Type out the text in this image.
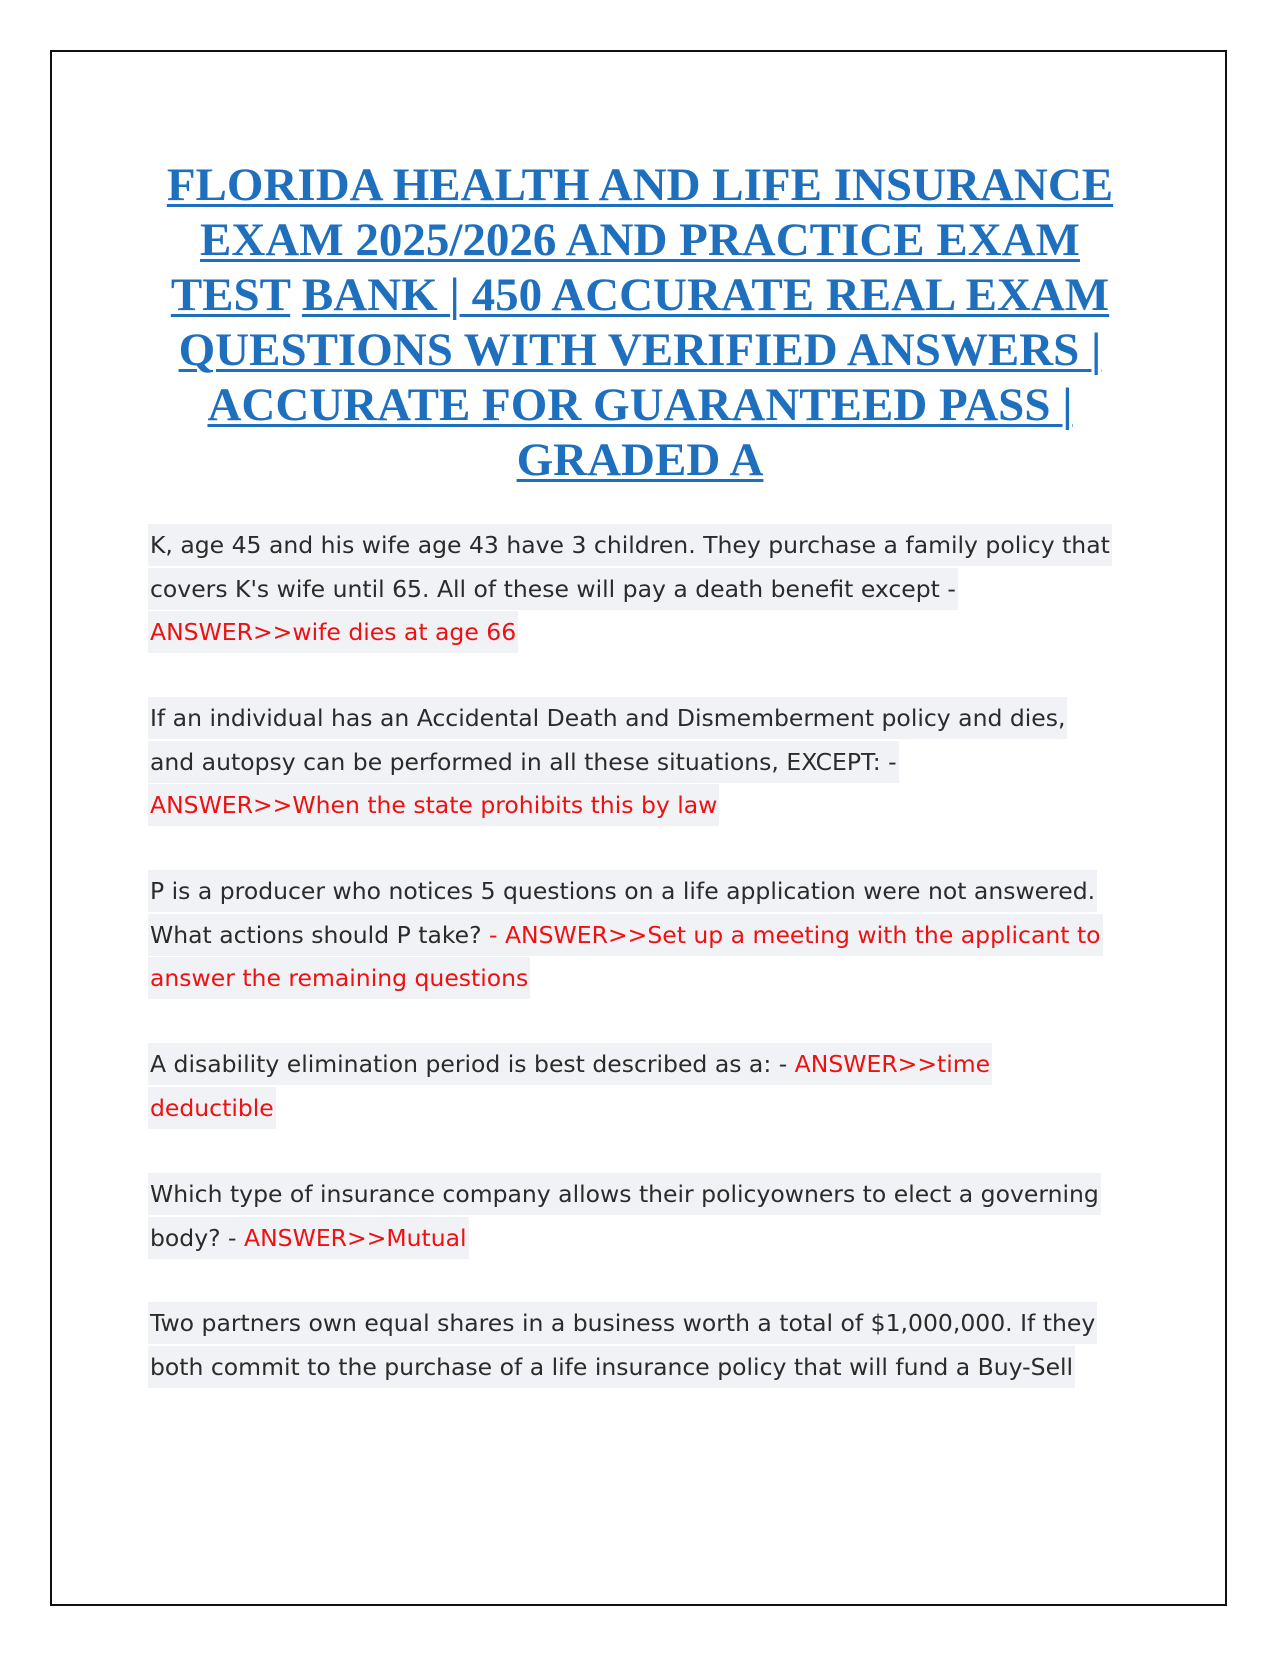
FLORIDA HEALTH AND LIFE INSURANCE
EXAM 2025/2026 AND PRACTICE EXAM
TEST BANK | 450 ACCURATE REAL EXAM
QUESTIONS WITH VERIFIED ANSWERS |
ACCURATE FOR GUARANTEED PASS |
GRADED A
K, age 45 and his wife age 43 have 3 children. They purchase a family policy that
covers K's wife until 65. All of these will pay a death benefit except -
ANSWER>>wife dies at age 66
If an individual has an Accidental Death and Dismemberment policy and dies,
and autopsy can be performed in all these situations, EXCEPT: -
ANSWER>>When the state prohibits this by law
P is a producer who notices 5 questions on a life application were not answered.
What actions should P take? - ANSWER>>Set up a meeting with the applicant to
answer the remaining questions
A disability elimination period is best described as a: - ANSWER>>time
deductible
Which type of insurance company allows their policyowners to elect a governing
body? - ANSWER>>Mutual
Two partners own equal shares in a business worth a total of $1,000,000. If they
both commit to the purchase of a life insurance policy that will fund a Buy-Sell
